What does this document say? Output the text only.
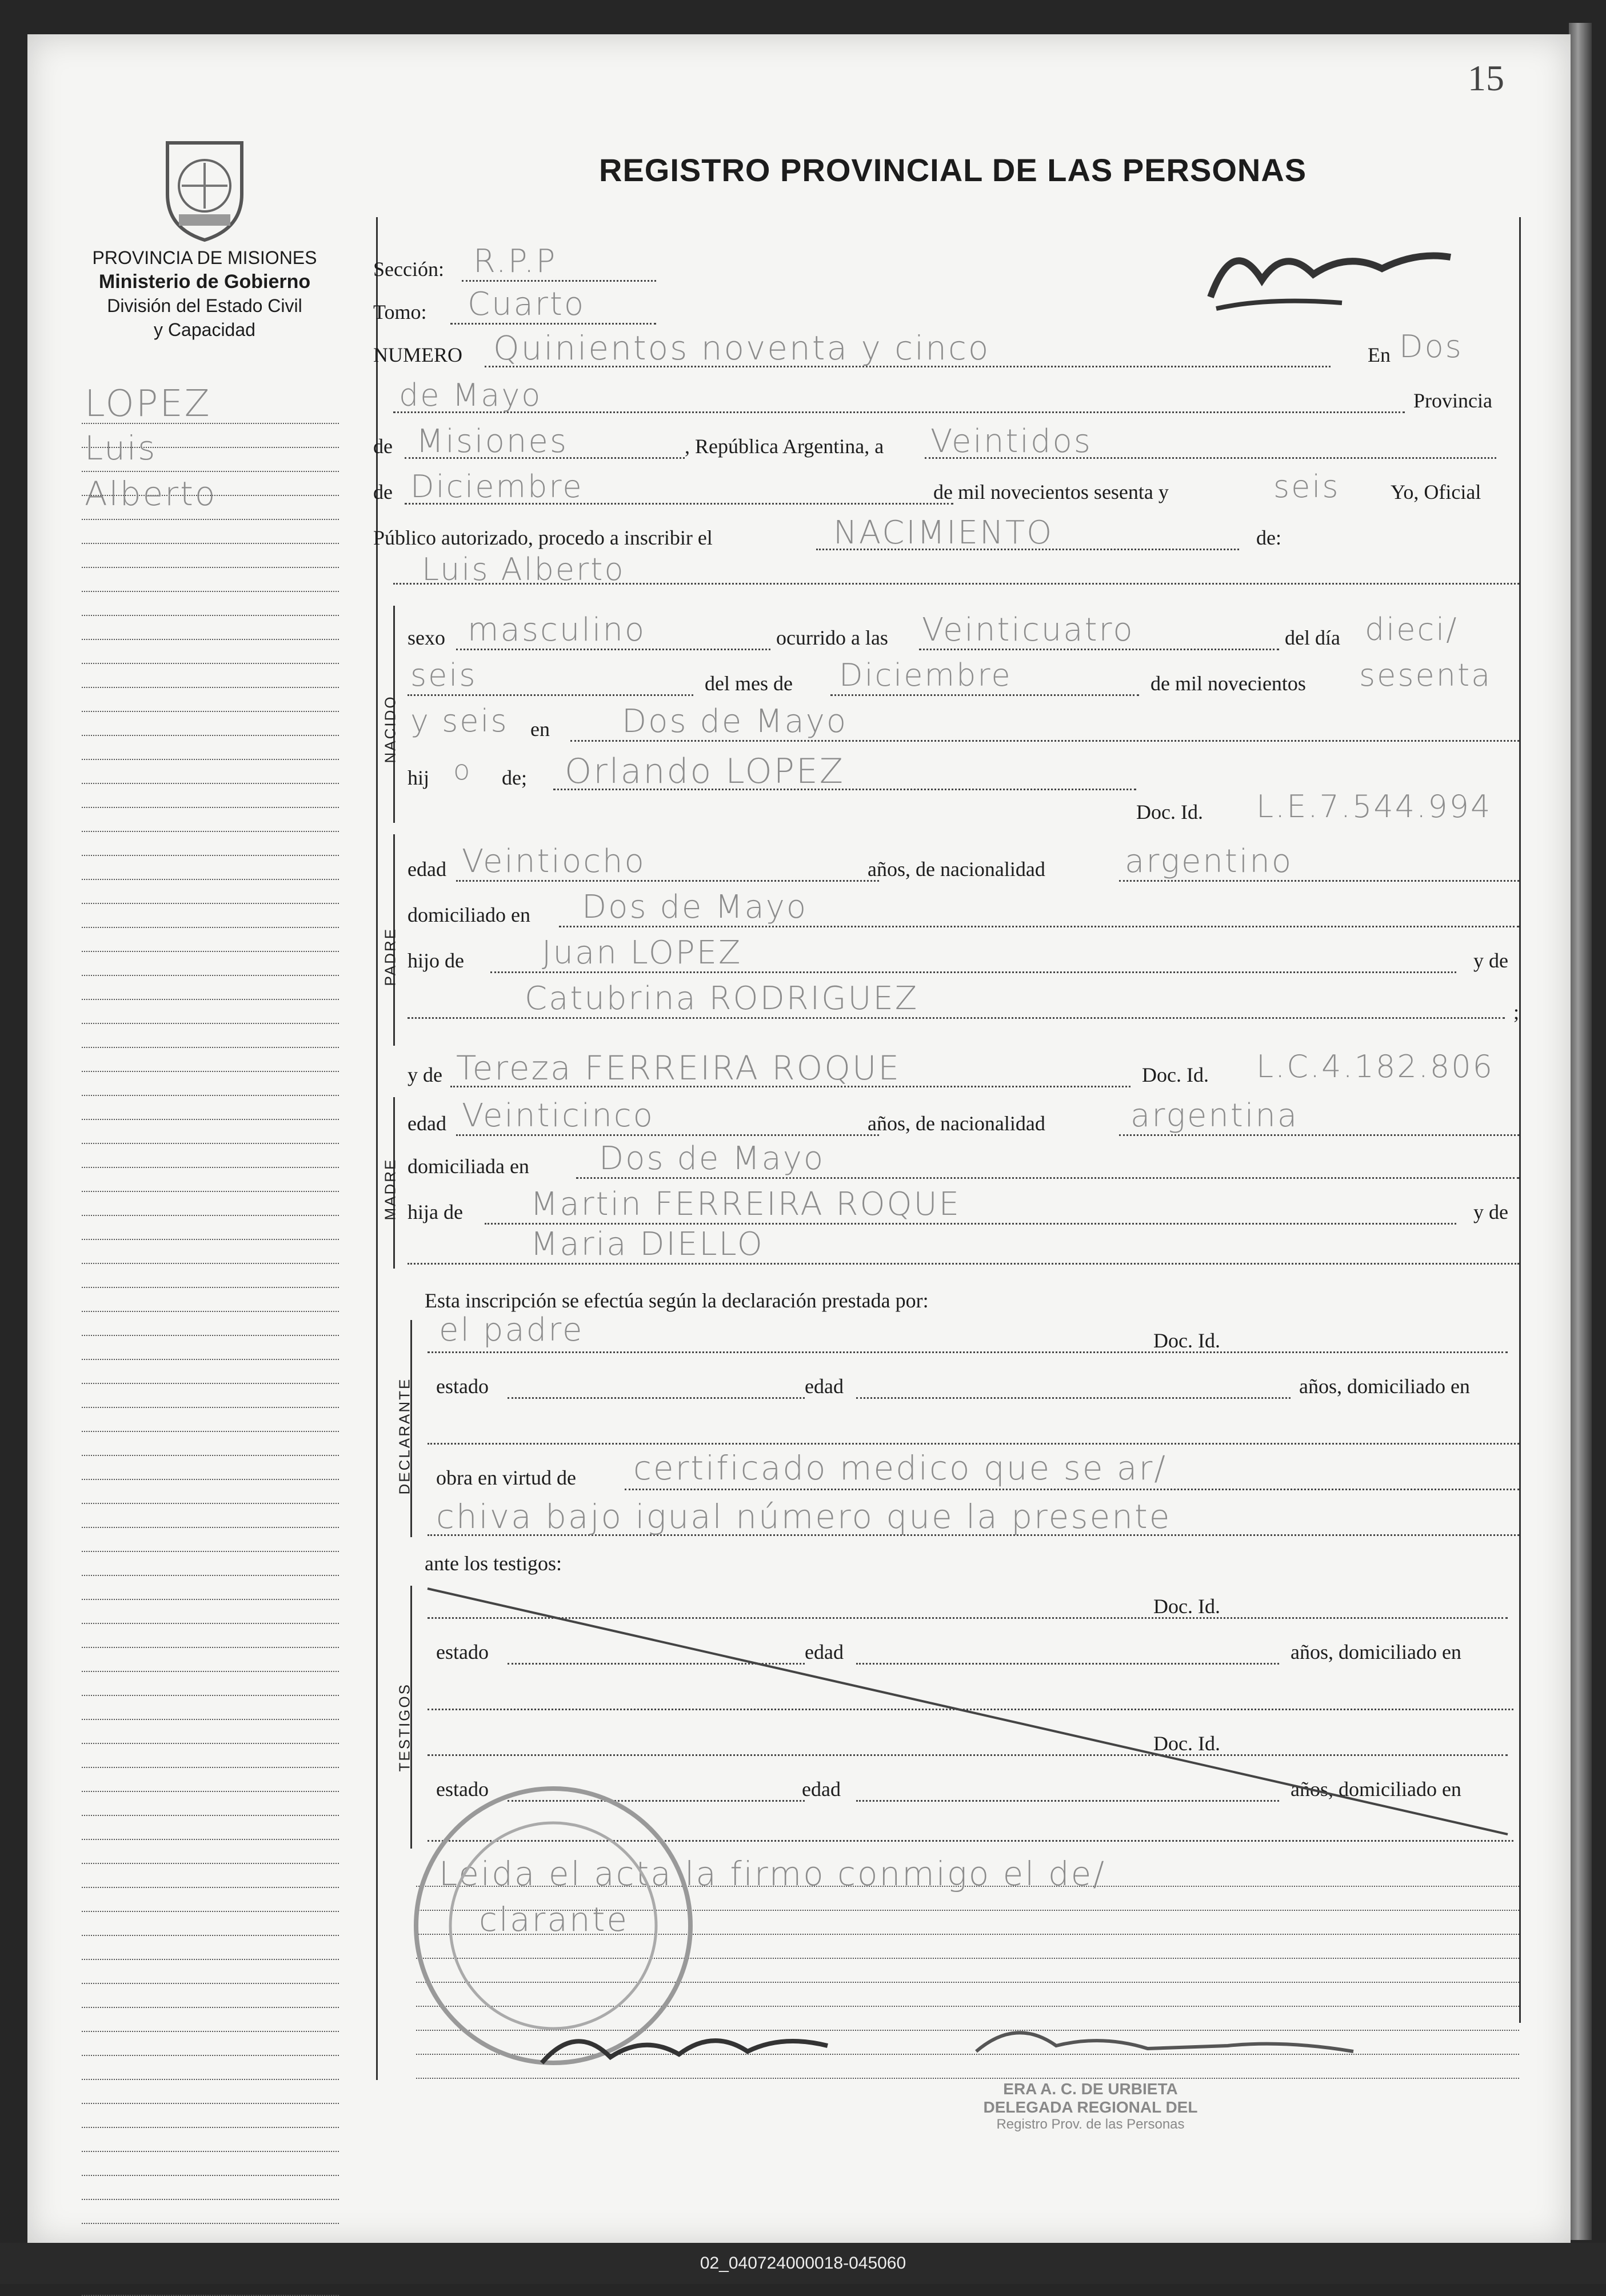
15
PROVINCIA DE MISIONES
Ministerio de Gobierno
División del Estado Civil
y Capacidad
REGISTRO PROVINCIAL DE LAS PERSONAS
LOPEZ
Luis
Alberto
Sección: R.P.P
Tomo: Cuarto
NUMERO Quinientos noventa y cinco	En Dos
de Mayo	Provincia
de Misiones	, República Argentina, a Veintidos
de Diciembre	de mil novecientos sesenta y	seis Yo, Oficial
Público autorizado, procedo a inscribir el	NACIMIENTO	de:
Luis Alberto
NACIDO
sexo masculino	ocurrido a las Veinticuatro	del día dieci/
seis	del mes de Diciembre	de mil novecientos sesenta
y seis en Dos de Mayo
hij o de; Orlando LOPEZ
Doc. Id. L.E.7.544.994
PADRE
edad Veintiocho	años, de nacionalidad argentino
domiciliado en Dos de Mayo
hijo de Juan LOPEZ	y de
Catubrina RODRIGUEZ	;
y de Tereza FERREIRA ROQUE	Doc. Id. L.C.4.182.806
MADRE
edad Veinticinco	años, de nacionalidad	argentina
domiciliada en Dos de Mayo
hija de Martin FERREIRA ROQUE	y de
Maria DIELLO
Esta inscripción se efectúa según la declaración prestada por:
DECLARANTE
el padre	Doc. Id.
estado	edad	años, domiciliado en
obra en virtud de certificado medico que se ar/
chiva bajo igual número que la presente
ante los testigos:
TESTIGOS
Doc. Id.
estado	edad	años, domiciliado en
Doc. Id.
estado	edad	años, domiciliado en
Leida el acta la firmo conmigo el de/
clarante
ERA A. C. DE URBIETA
DELEGADA REGIONAL DEL
Registro Prov. de las Personas
02_040724000018-045060
